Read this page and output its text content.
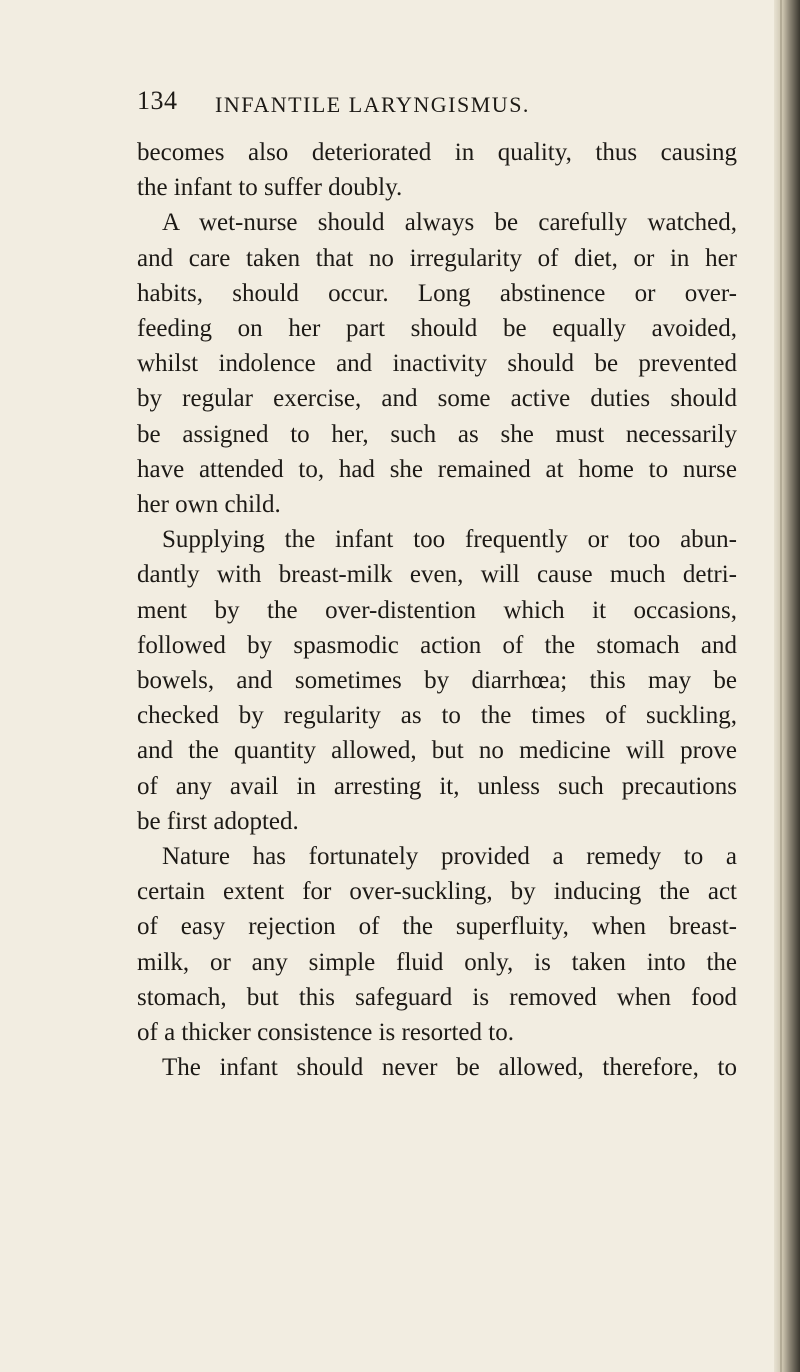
134 INFANTILE LARYNGISMUS.
becomes also deteriorated in quality, thus causing
the infant to suffer doubly.
A wet-nurse should always be carefully watched,
and care taken that no irregularity of diet, or in her
habits, should occur. Long abstinence or over-
feeding on her part should be equally avoided,
whilst indolence and inactivity should be prevented
by regular exercise, and some active duties should
be assigned to her, such as she must necessarily
have attended to, had she remained at home to nurse
her own child.
Supplying the infant too frequently or too abun-
dantly with breast-milk even, will cause much detri-
ment by the over-distention which it occasions,
followed by spasmodic action of the stomach and
bowels, and sometimes by diarrhœa; this may be
checked by regularity as to the times of suckling,
and the quantity allowed, but no medicine will prove
of any avail in arresting it, unless such precautions
be first adopted.
Nature has fortunately provided a remedy to a
certain extent for over-suckling, by inducing the act
of easy rejection of the superfluity, when breast-
milk, or any simple fluid only, is taken into the
stomach, but this safeguard is removed when food
of a thicker consistence is resorted to.
The infant should never be allowed, therefore, to
